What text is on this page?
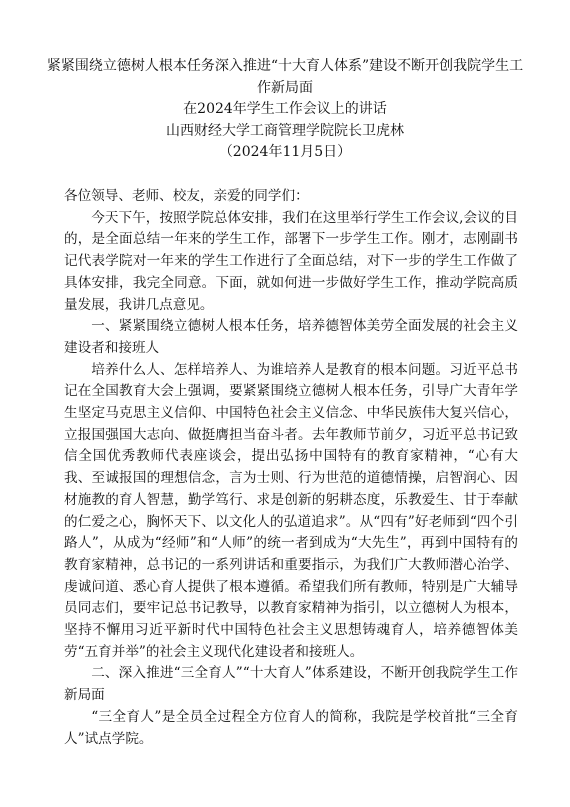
紧紧围绕立德树人根本任务深入推进“十大育人体系”建设不断开创我院学生工作新局面

在2024年学生工作会议上的讲话

山西财经大学工商管理学院院长卫虎林

（2024年11月5日）

各位领导、老师、校友，亲爱的同学们：

今天下午，按照学院总体安排，我们在这里举行学生工作会议,会议的目的，是全面总结一年来的学生工作，部署下一步学生工作。刚才，志刚副书记代表学院对一年来的学生工作进行了全面总结，对下一步的学生工作做了具体安排，我完全同意。下面，就如何进一步做好学生工作，推动学院高质量发展，我讲几点意见。

一、紧紧围绕立德树人根本任务，培养德智体美劳全面发展的社会主义建设者和接班人

培养什么人、怎样培养人、为谁培养人是教育的根本问题。习近平总书记在全国教育大会上强调，要紧紧围绕立德树人根本任务，引导广大青年学生坚定马克思主义信仰、中国特色社会主义信念、中华民族伟大复兴信心，立报国强国大志向、做挺膺担当奋斗者。去年教师节前夕，习近平总书记致信全国优秀教师代表座谈会，提出弘扬中国特有的教育家精神，“心有大我、至诚报国的理想信念，言为士则、行为世范的道德情操，启智润心、因材施教的育人智慧，勤学笃行、求是创新的躬耕态度，乐教爱生、甘于奉献的仁爱之心，胸怀天下、以文化人的弘道追求”。从“四有”好老师到“四个引路人”，从成为“经师”和“人师”的统一者到成为“大先生”，再到中国特有的教育家精神，总书记的一系列讲话和重要指示，为我们广大教师潜心治学、虔诚问道、悉心育人提供了根本遵循。希望我们所有教师，特别是广大辅导员同志们，要牢记总书记教导，以教育家精神为指引，以立德树人为根本，坚持不懈用习近平新时代中国特色社会主义思想铸魂育人，培养德智体美劳“五育并举”的社会主义现代化建设者和接班人。

二、深入推进“三全育人”“十大育人”体系建设，不断开创我院学生工作新局面

“三全育人”是全员全过程全方位育人的简称，我院是学校首批“三全育人”试点学院。
